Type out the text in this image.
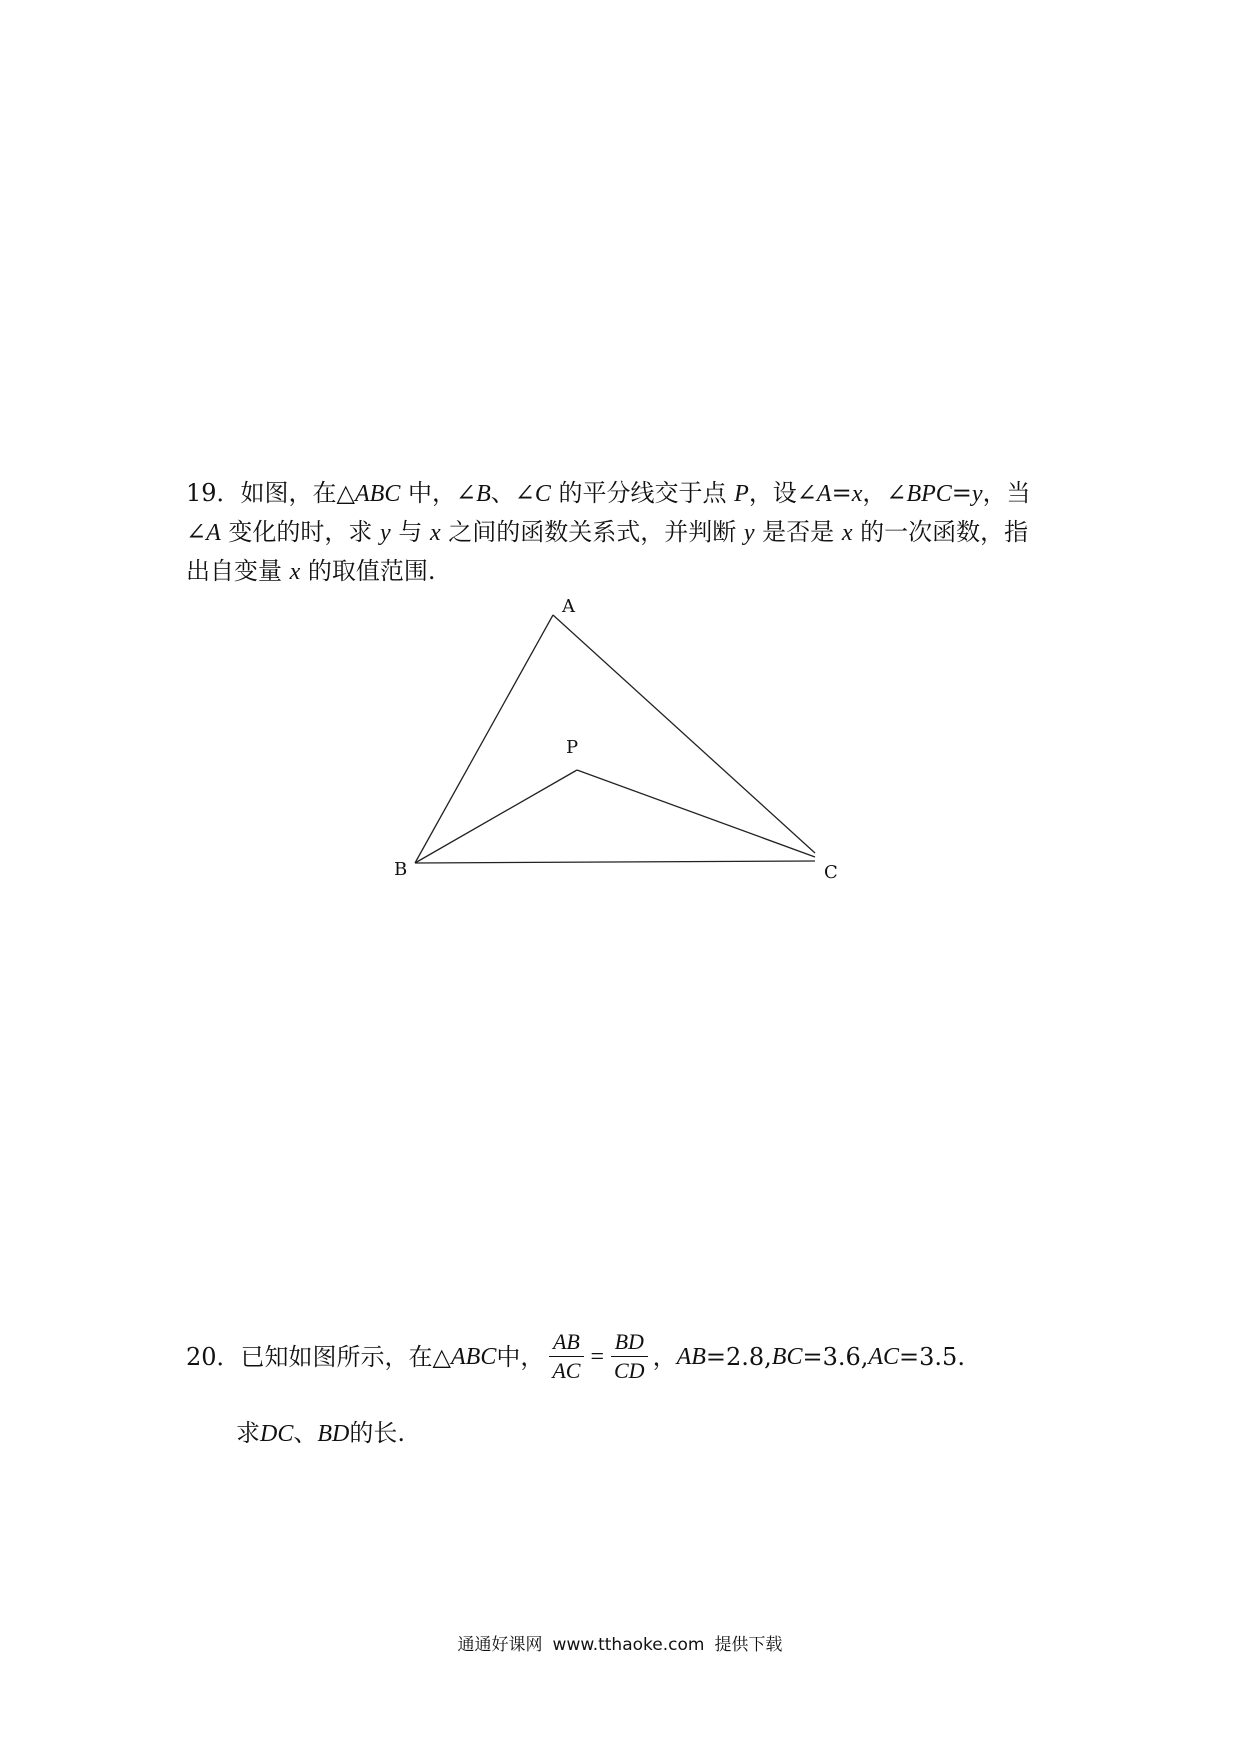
19．如图，在△ABC 中，∠B、∠C 的平分线交于点 P，设∠A=x，∠BPC=y，当

∠A 变化的时，求 y 与 x 之间的函数关系式，并判断 y 是否是 x 的一次函数，指

出自变量 x 的取值范围.

A
P
B	C
20．已知如图所示，在△ ABC 中， $\frac{AB}{AC} = \frac{BD}{CD}$ ， AB =2.8, BC =3.6, AC =3.5.
求DC、BD的长.
通通好课网 www.tthaoke.com 提供下载
